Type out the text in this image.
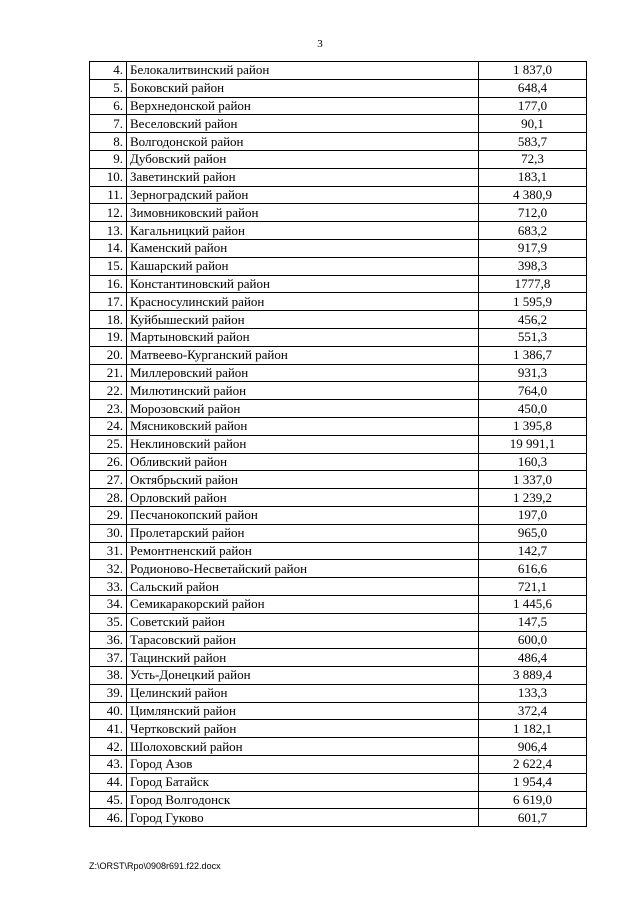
3
4.	Белокалитвинский район	1 837,0
5.	Боковский район	648,4
6.	Верхнедонской район	177,0
7.	Веселовский район	90,1
8.	Волгодонской район	583,7
9.	Дубовский район	72,3
10.	Заветинский район	183,1
11.	Зерноградский район	4 380,9
12.	Зимовниковский район	712,0
13.	Кагальницкий район	683,2
14.	Каменский район	917,9
15.	Кашарский район	398,3
16.	Константиновский район	1777,8
17.	Красносулинский район	1 595,9
18.	Куйбышеский район	456,2
19.	Мартыновский район	551,3
20.	Матвеево-Курганский район	1 386,7
21.	Миллеровский район	931,3
22.	Милютинский район	764,0
23.	Морозовский район	450,0
24.	Мясниковский район	1 395,8
25.	Неклиновский район	19 991,1
26.	Обливский район	160,3
27.	Октябрьский район	1 337,0
28.	Орловский район	1 239,2
29.	Песчанокопский район	197,0
30.	Пролетарский район	965,0
31.	Ремонтненский район	142,7
32.	Родионово-Несветайский район	616,6
33.	Сальский район	721,1
34.	Семикаракорский район	1 445,6
35.	Советский район	147,5
36.	Тарасовский район	600,0
37.	Тацинский район	486,4
38.	Усть-Донецкий район	3 889,4
39.	Целинский район	133,3
40.	Цимлянский район	372,4
41.	Чертковский район	1 182,1
42.	Шолоховский район	906,4
43.	Город Азов	2 622,4
44.	Город Батайск	1 954,4
45.	Город Волгодонск	6 619,0
46.	Город Гуково	601,7
Z:\ORST\Rpo\0908r691.f22.docx
